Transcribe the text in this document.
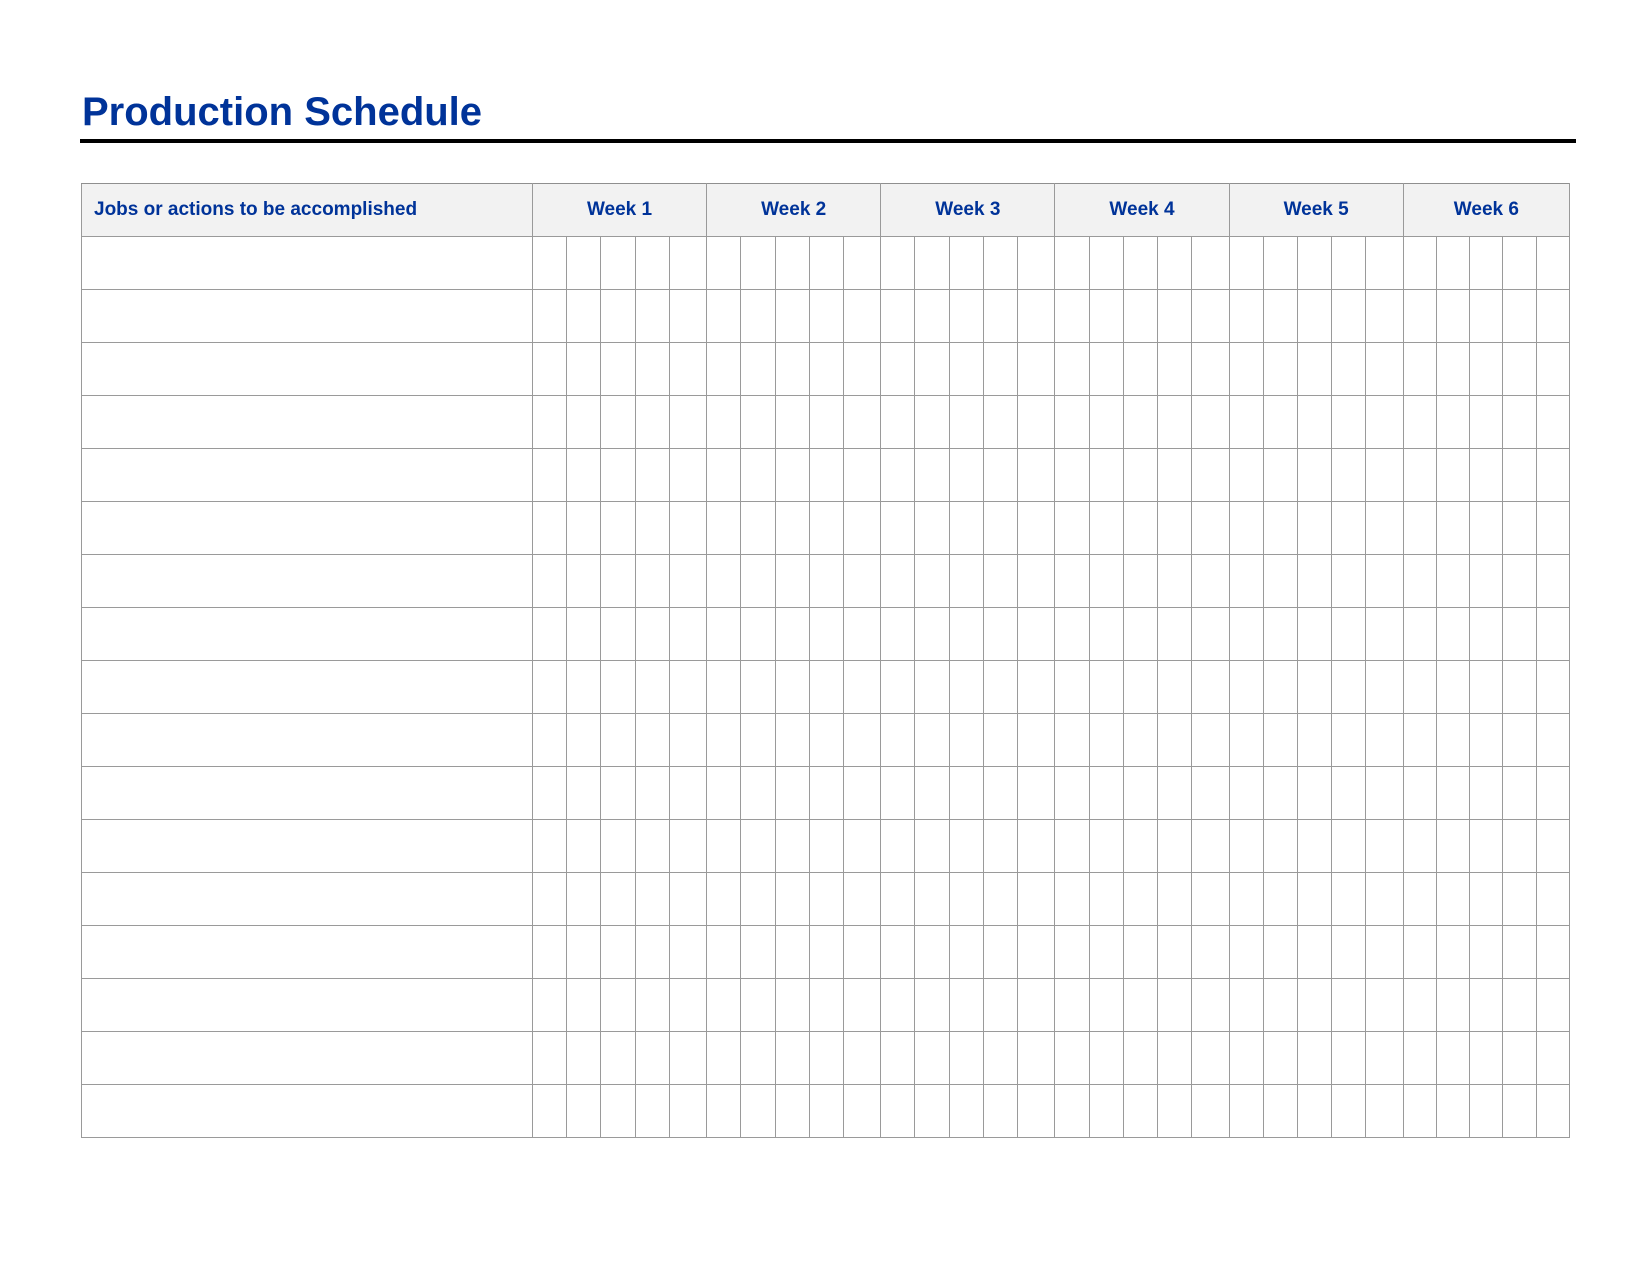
Production Schedule
Jobs or actions to be accomplished	Week 1					Week 2					Week 3					Week 4					Week 5					Week 6				
